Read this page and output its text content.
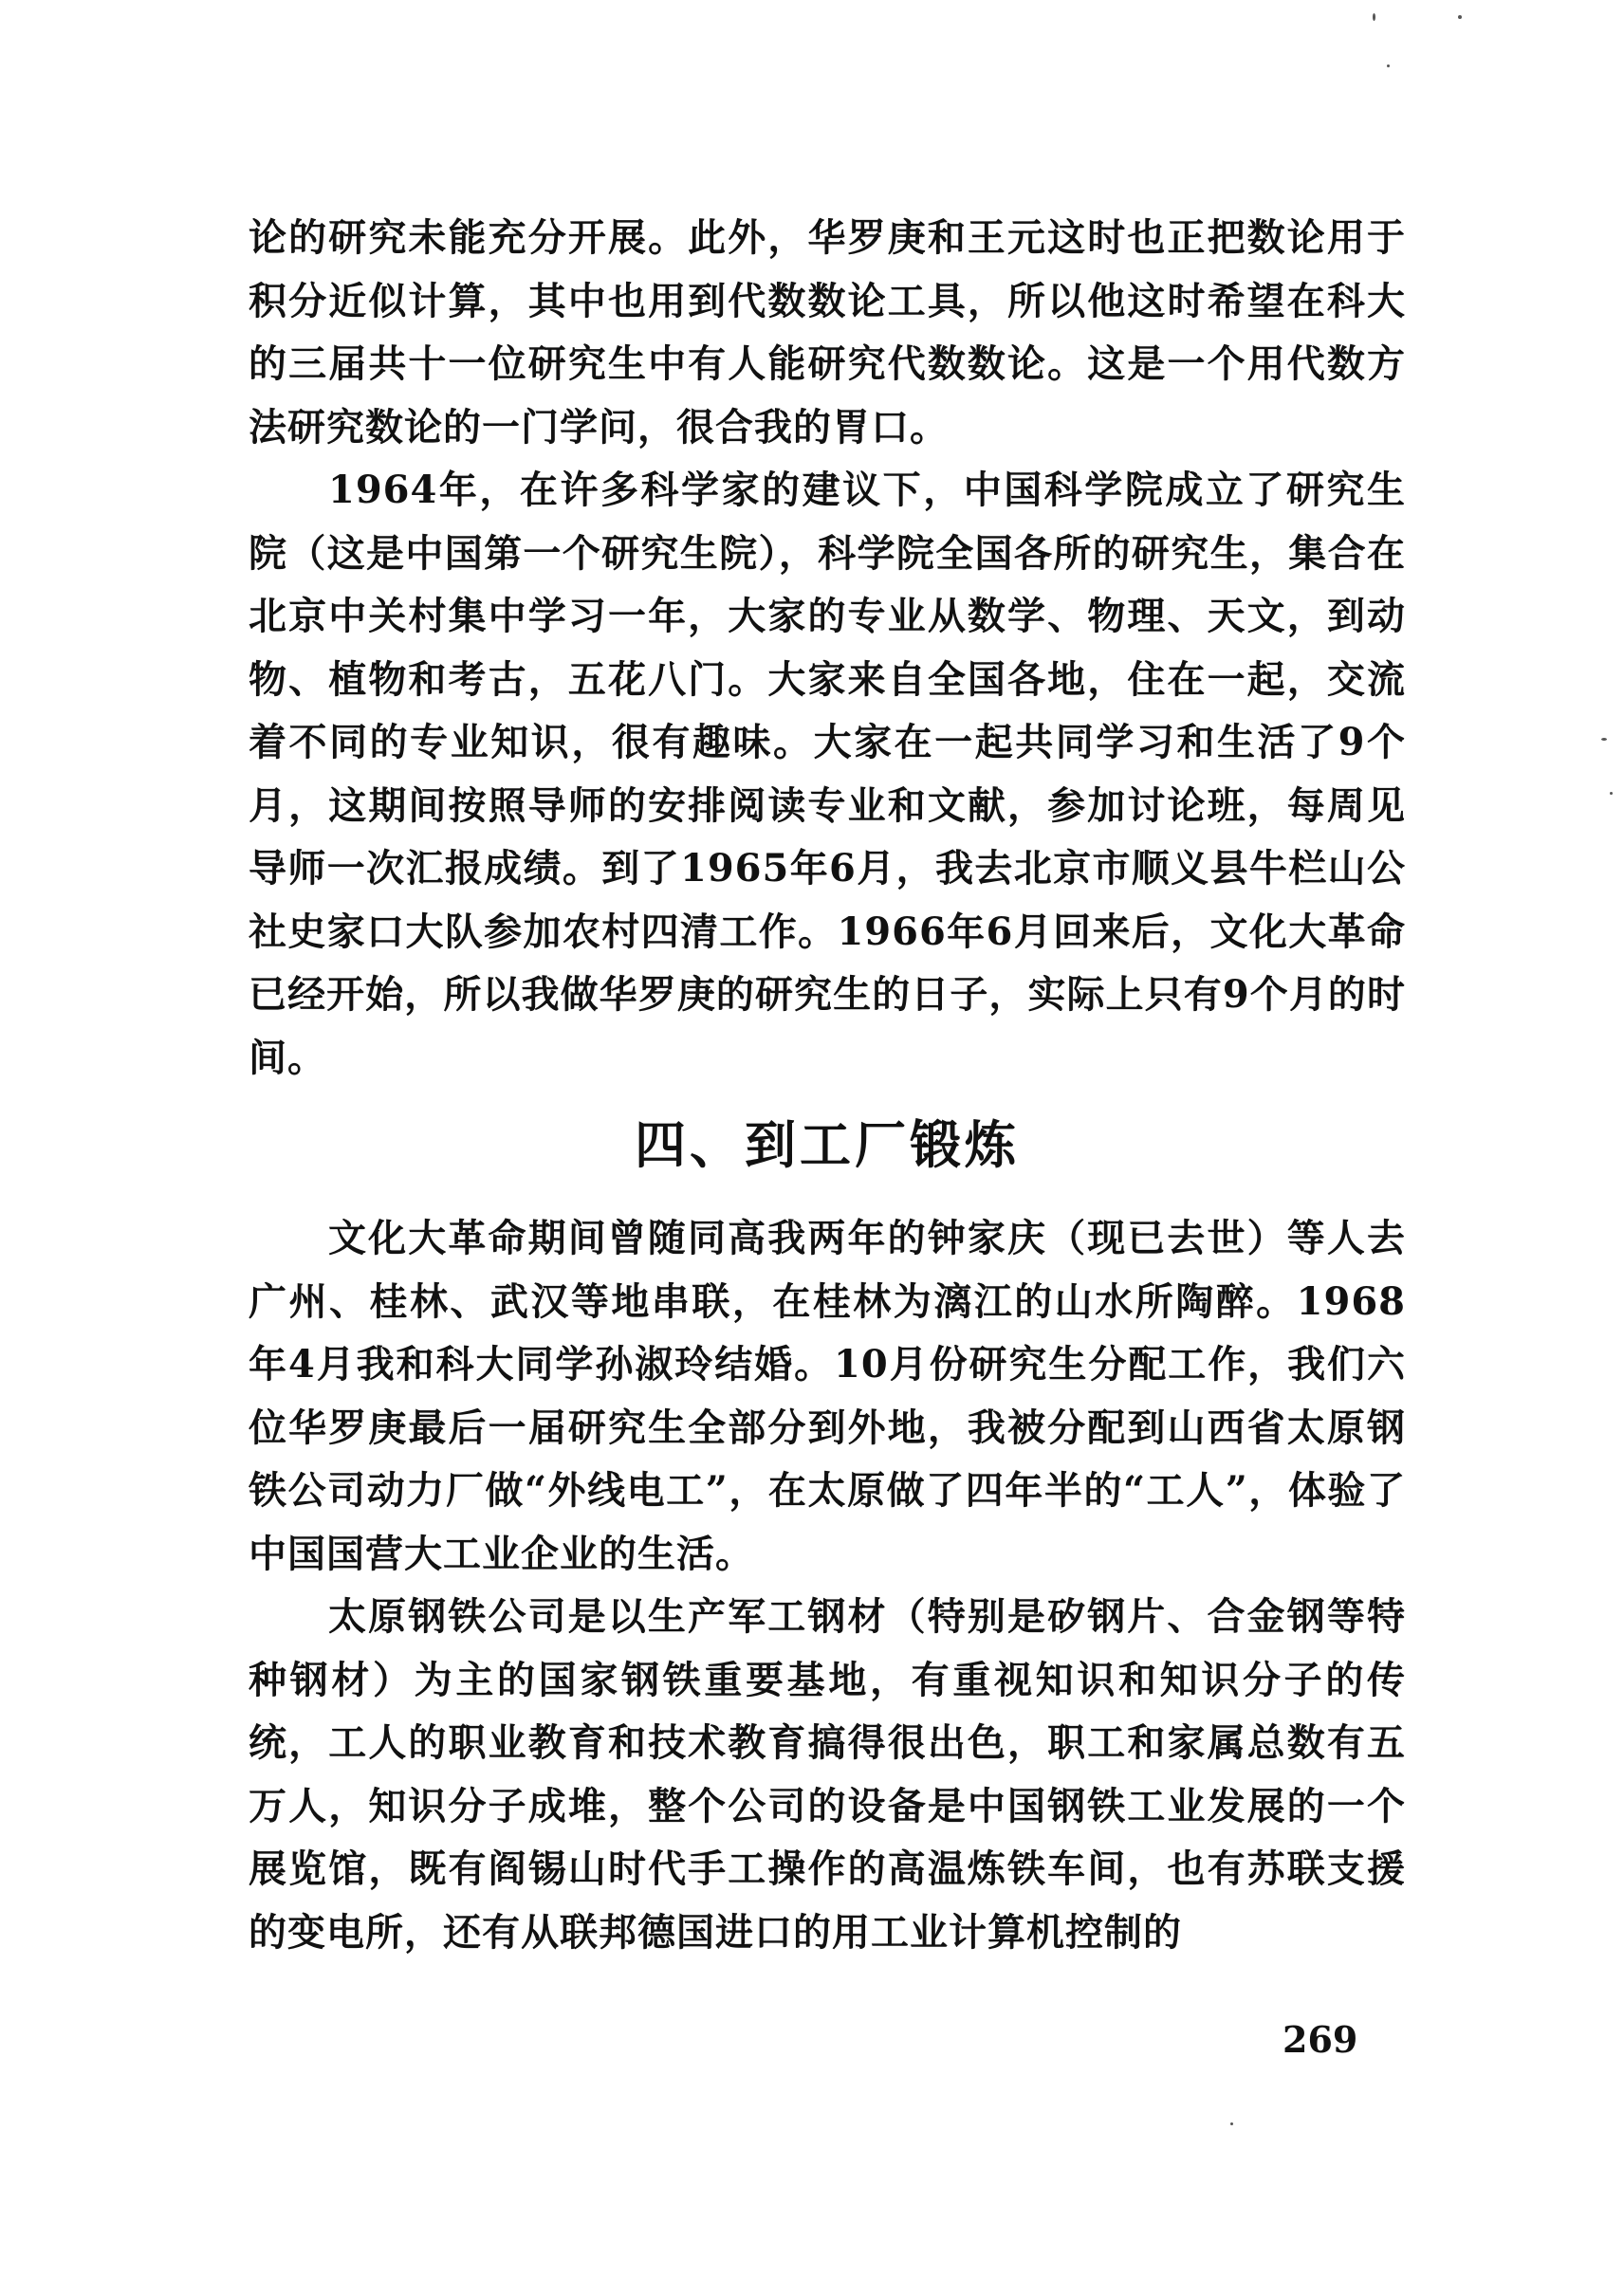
论的研究未能充分开展。此外，华罗庚和王元这时也正把数论用于积分近似计算，其中也用到代数数论工具，所以他这时希望在科大的三届共十一位研究生中有人能研究代数数论。这是一个用代数方法研究数论的一门学问，很合我的胃口。

1964年，在许多科学家的建议下，中国科学院成立了研究生院（这是中国第一个研究生院），科学院全国各所的研究生，集合在北京中关村集中学习一年，大家的专业从数学、物理、天文，到动物、植物和考古，五花八门。大家来自全国各地，住在一起，交流着不同的专业知识，很有趣味。大家在一起共同学习和生活了9个月，这期间按照导师的安排阅读专业和文献，参加讨论班，每周见导师一次汇报成绩。到了1965年6月，我去北京市顺义县牛栏山公社史家口大队参加农村四清工作。1966年6月回来后，文化大革命已经开始，所以我做华罗庚的研究生的日子，实际上只有9个月的时间。

四、到工厂锻炼

文化大革命期间曾随同高我两年的钟家庆（现已去世）等人去广州、桂林、武汉等地串联，在桂林为漓江的山水所陶醉。1968年4月我和科大同学孙淑玲结婚。10月份研究生分配工作，我们六位华罗庚最后一届研究生全部分到外地，我被分配到山西省太原钢铁公司动力厂做“外线电工”，在太原做了四年半的“工人”，体验了中国国营大工业企业的生活。

太原钢铁公司是以生产军工钢材（特别是矽钢片、合金钢等特种钢材）为主的国家钢铁重要基地，有重视知识和知识分子的传统，工人的职业教育和技术教育搞得很出色，职工和家属总数有五万人，知识分子成堆，整个公司的设备是中国钢铁工业发展的一个展览馆，既有阎锡山时代手工操作的高温炼铁车间，也有苏联支援的变电所，还有从联邦德国进口的用工业计算机控制的

269
